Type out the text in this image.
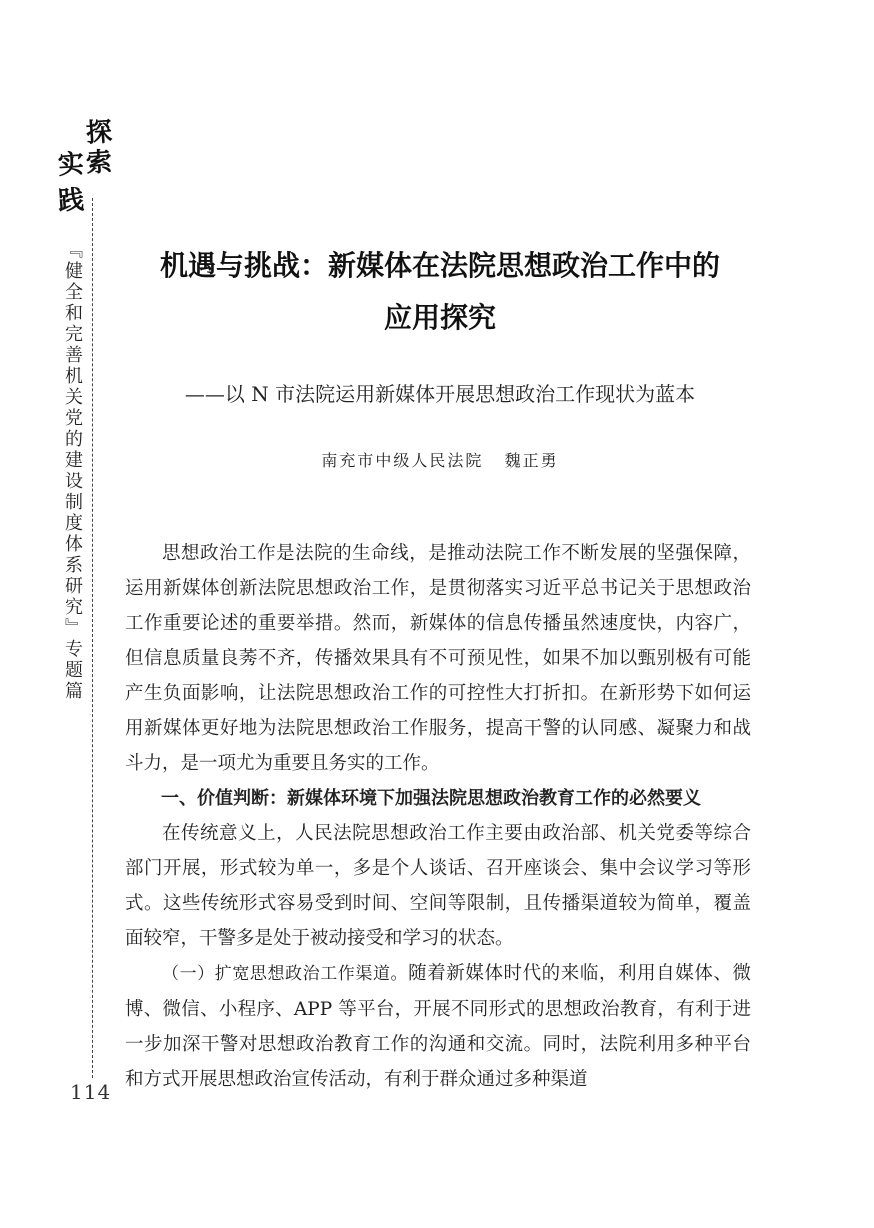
探
索
实
践
『健全和完善机关党的建设制度体系研究』专题篇
114
机遇与挑战：新媒体在法院思想政治工作中的
应用探究
——以 N 市法院运用新媒体开展思想政治工作现状为蓝本
南充市中级人民法院   魏正勇

思想政治工作是法院的生命线，是推动法院工作不断发展的坚强保障，运用新媒体创新法院思想政治工作，是贯彻落实习近平总书记关于思想政治工作重要论述的重要举措。然而，新媒体的信息传播虽然速度快，内容广，但信息质量良莠不齐，传播效果具有不可预见性，如果不加以甄别极有可能产生负面影响，让法院思想政治工作的可控性大打折扣。在新形势下如何运用新媒体更好地为法院思想政治工作服务，提高干警的认同感、凝聚力和战斗力，是一项尤为重要且务实的工作。

一、价值判断：新媒体环境下加强法院思想政治教育工作的必然要义

在传统意义上，人民法院思想政治工作主要由政治部、机关党委等综合部门开展，形式较为单一，多是个人谈话、召开座谈会、集中会议学习等形式。这些传统形式容易受到时间、空间等限制，且传播渠道较为简单，覆盖面较窄，干警多是处于被动接受和学习的状态。

（一）扩宽思想政治工作渠道。随着新媒体时代的来临，利用自媒体、微博、微信、小程序、APP 等平台，开展不同形式的思想政治教育，有利于进一步加深干警对思想政治教育工作的沟通和交流。同时，法院利用多种平台和方式开展思想政治宣传活动，有利于群众通过多种渠道
